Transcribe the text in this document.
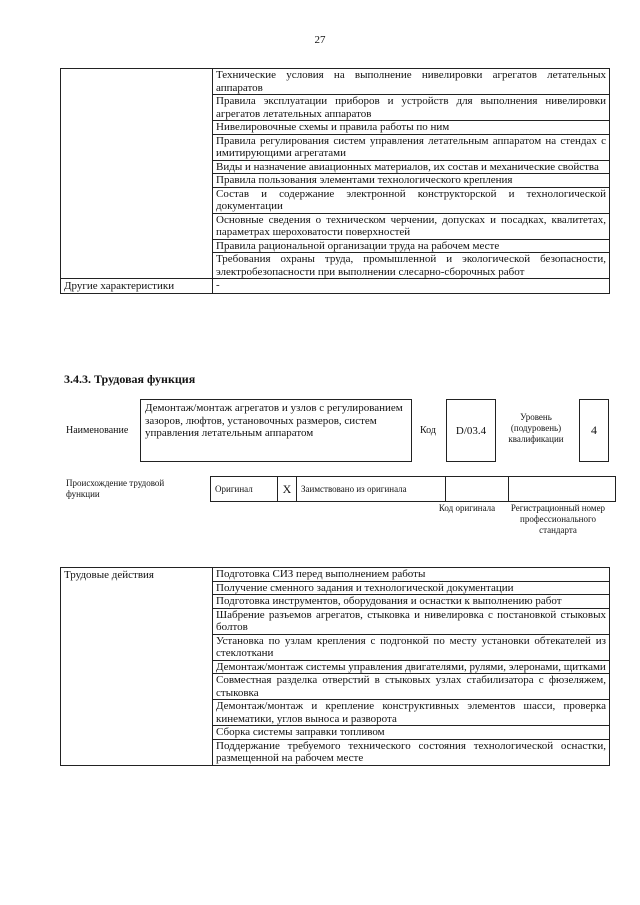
27
	Технические условия на выполнение нивелировки агрегатов летательных аппаратов
	Правила эксплуатации приборов и устройств для выполнения нивелировки агрегатов летательных аппаратов
	Нивелировочные схемы и правила работы по ним
	Правила регулирования систем управления летательным аппаратом на стендах с имитирующими агрегатами
	Виды и назначение авиационных материалов, их состав и механические свойства
	Правила пользования элементами технологического крепления
	Состав и содержание электронной конструкторской и технологической документации
	Основные сведения о техническом черчении, допусках и посадках, квалитетах, параметрах шероховатости поверхностей
	Правила рациональной организации труда на рабочем месте
	Требования охраны труда, промышленной и экологической безопасности, электробезопасности при выполнении слесарно-сборочных работ
Другие характеристики	-
3.4.3. Трудовая функция
Наименование
Демонтаж/монтаж агрегатов и узлов с регулированием зазоров, люфтов, установочных размеров, систем управления летательным аппаратом	Код	D/03.4
Уровень (подуровень) квалификации
4
Происхождение трудовой функции	Оригинал	X	Заимствовано из оригинала		
Код оригинала	Регистрационный номер профессионального стандарта
Трудовые действия	Подготовка СИЗ перед выполнением работы
Получение сменного задания и технологической документации
Подготовка инструментов, оборудования и оснастки к выполнению работ
Шабрение разъемов агрегатов, стыковка и нивелировка с постановкой стыковых болтов
Установка по узлам крепления с подгонкой по месту установки обтекателей из стеклоткани
Демонтаж/монтаж системы управления двигателями, рулями, элеронами, щитками
Совместная разделка отверстий в стыковых узлах стабилизатора с фюзеляжем, стыковка
Демонтаж/монтаж и крепление конструктивных элементов шасси, проверка кинематики, углов выноса и разворота
Сборка системы заправки топливом
Поддержание требуемого технического состояния технологической оснастки, размещенной на рабочем месте
